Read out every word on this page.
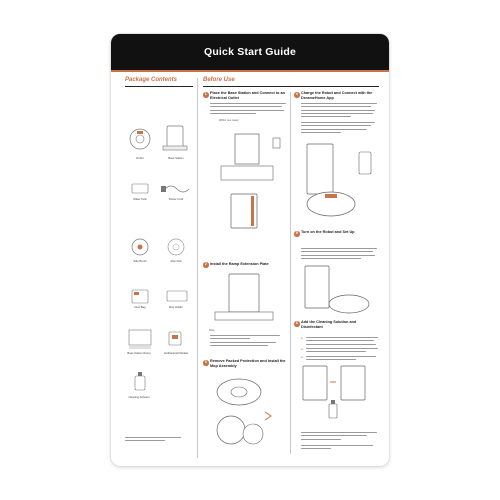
Quick Start Guide
Package Contents
Robot	Base Station
Water Tank	Power Cord
Side Brush	Mop Pad
Dust Bag	Mop Holder
Base Station Ramp	Antibacterial Module
Cleaning Solution
Before Use
1 Place the Base Station and Connect to an Electrical Outlet
Within one meter
2 Install the Ramp Extension Plate
Note
3 Remove Packed Protection and Install the Mop Assembly
4 Charge the Robot and Connect with the DreameHome App
5 Turn on the Robot and Set Up
6 Add the Cleaning Solution and Disinfectant
●
●
●
